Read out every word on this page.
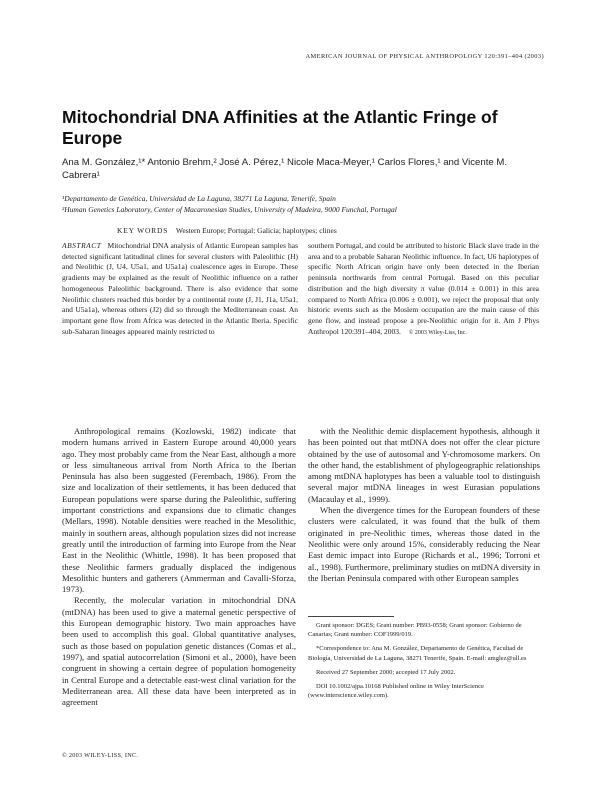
AMERICAN JOURNAL OF PHYSICAL ANTHROPOLOGY 120:391–404 (2003)
Mitochondrial DNA Affinities at the Atlantic Fringe of Europe
Ana M. González,¹* Antonio Brehm,² José A. Pérez,¹ Nicole Maca-Meyer,¹ Carlos Flores,¹ and Vicente M. Cabrera¹
¹Departamento de Genética, Universidad de La Laguna, 38271 La Laguna, Tenerife, Spain
²Human Genetics Laboratory, Center of Macaronesian Studies, University of Madeira, 9000 Funchal, Portugal
KEY WORDS Western Europe; Portugal; Galicia; haplotypes; clines
ABSTRACT Mitochondrial DNA analysis of Atlantic European samples has detected significant latitudinal clines for several clusters with Paleolithic (H) and Neolithic (J, U4, U5a1, and U5a1a) coalescence ages in Europe. These gradients may be explained as the result of Neolithic influence on a rather homogeneous Paleolithic background. There is also evidence that some Neolithic clusters reached this border by a continental route (J, J1, J1a, U5a1, and U5a1a), whereas others (J2) did so through the Mediterranean coast. An important gene flow from Africa was detected in the Atlantic Iberia. Specific sub-Saharan lineages appeared mainly restricted to
southern Portugal, and could be attributed to historic Black slave trade in the area and to a probable Saharan Neolithic influence. In fact, U6 haplotypes of specific North African origin have only been detected in the Iberian peninsula northwards from central Portugal. Based on this peculiar distribution and the high diversity π value (0.014 ± 0.001) in this area compared to North Africa (0.006 ± 0.001), we reject the proposal that only historic events such as the Moslem occupation are the main cause of this gene flow, and instead propose a pre-Neolithic origin for it. Am J Phys Anthropol 120:391–404, 2003. © 2003 Wiley-Liss, Inc.

Anthropological remains (Kozlowski, 1982) indicate that modern humans arrived in Eastern Europe around 40,000 years ago. They most probably came from the Near East, although a more or less simultaneous arrival from North Africa to the Iberian Peninsula has also been suggested (Ferembach, 1986). From the size and localization of their settlements, it has been deduced that European populations were sparse during the Paleolithic, suffering important constrictions and expansions due to climatic changes (Mellars, 1998). Notable densities were reached in the Mesolithic, mainly in southern areas, although population sizes did not increase greatly until the introduction of farming into Europe from the Near East in the Neolithic (Whittle, 1998). It has been proposed that these Neolithic farmers gradually displaced the indigenous Mesolithic hunters and gatherers (Ammerman and Cavalli-Sforza, 1973).

Recently, the molecular variation in mitochondrial DNA (mtDNA) has been used to give a maternal genetic perspective of this European demographic history. Two main approaches have been used to accomplish this goal. Global quantitative analyses, such as those based on population genetic distances (Comas et al., 1997), and spatial autocorrelation (Simoni et al., 2000), have been congruent in showing a certain degree of population homogeneity in Central Europe and a detectable east-west clinal variation for the Mediterranean area. All these data have been interpreted as in agreement

with the Neolithic demic displacement hypothesis, although it has been pointed out that mtDNA does not offer the clear picture obtained by the use of autosomal and Y-chromosome markers. On the other hand, the establishment of phylogeographic relationships among mtDNA haplotypes has been a valuable tool to distinguish several major mtDNA lineages in west Eurasian populations (Macaulay et al., 1999).

When the divergence times for the European founders of these clusters were calculated, it was found that the bulk of them originated in pre-Neolithic times, whereas those dated in the Neolithic were only around 15%, considerably reducing the Near East demic impact into Europe (Richards et al., 1996; Torroni et al., 1998). Furthermore, preliminary studies on mtDNA diversity in the Iberian Peninsula compared with other European samples

Grant sponsor: DGES; Grant number: PB93-0558; Grant sponsor: Gobierno de Canarias; Grant number: COF1999/019.

*Correspondence to: Ana M. González, Departamento de Genética, Facultad de Biología, Universidad de La Laguna, 38271 Tenerife, Spain. E-mail: amglez@ull.es

Received 27 September 2000; accepted 17 July 2002.

DOI 10.1002/ajpa.10168 Published online in Wiley InterScience (www.interscience.wiley.com).

© 2003 WILEY-LISS, INC.
